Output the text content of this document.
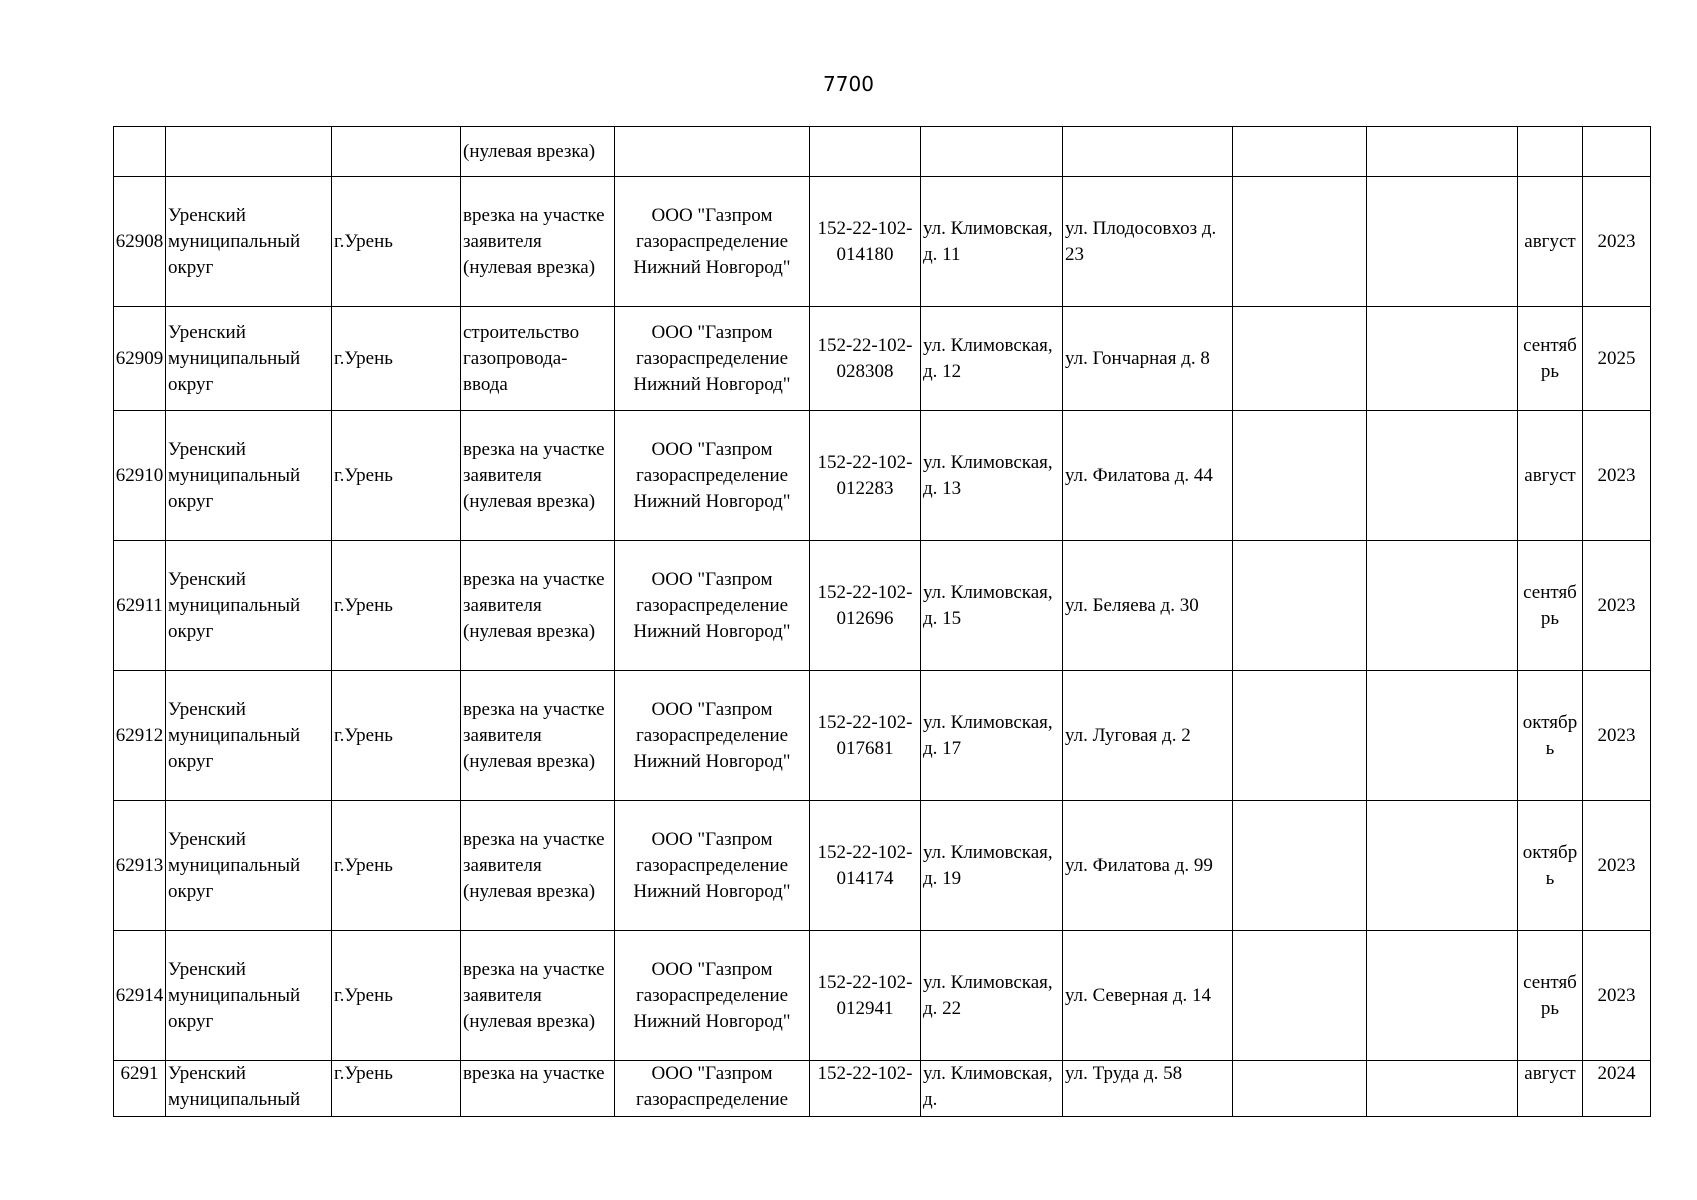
7700
			(нулевая врезка)								
62908	Уренский муниципальный округ	г.Урень	врезка на участке заявителя (нулевая врезка)	ООО "Газпром газораспределение Нижний Новгород"	152-22-102-014180	ул. Климовская, д. 11	ул. Плодосовхоз д. 23			август	2023
62909	Уренский муниципальный округ	г.Урень	строительство газопровода-ввода	ООО "Газпром газораспределение Нижний Новгород"	152-22-102-028308	ул. Климовская, д. 12	ул. Гончарная д. 8			сентябрь	2025
62910	Уренский муниципальный округ	г.Урень	врезка на участке заявителя (нулевая врезка)	ООО "Газпром газораспределение Нижний Новгород"	152-22-102-012283	ул. Климовская, д. 13	ул. Филатова д. 44			август	2023
62911	Уренский муниципальный округ	г.Урень	врезка на участке заявителя (нулевая врезка)	ООО "Газпром газораспределение Нижний Новгород"	152-22-102-012696	ул. Климовская, д. 15	ул. Беляева д. 30			сентябрь	2023
62912	Уренский муниципальный округ	г.Урень	врезка на участке заявителя (нулевая врезка)	ООО "Газпром газораспределение Нижний Новгород"	152-22-102-017681	ул. Климовская, д. 17	ул. Луговая д. 2			октябрь	2023
62913	Уренский муниципальный округ	г.Урень	врезка на участке заявителя (нулевая врезка)	ООО "Газпром газораспределение Нижний Новгород"	152-22-102-014174	ул. Климовская, д. 19	ул. Филатова д. 99			октябрь	2023
62914	Уренский муниципальный округ	г.Урень	врезка на участке заявителя (нулевая врезка)	ООО "Газпром газораспределение Нижний Новгород"	152-22-102-012941	ул. Климовская, д. 22	ул. Северная д. 14			сентябрь	2023
6291	Уренский муниципальный	г.Урень	врезка на участке	ООО "Газпром газораспределение	152-22-102-	ул. Климовская, д.	ул. Труда д. 58			август	2024
